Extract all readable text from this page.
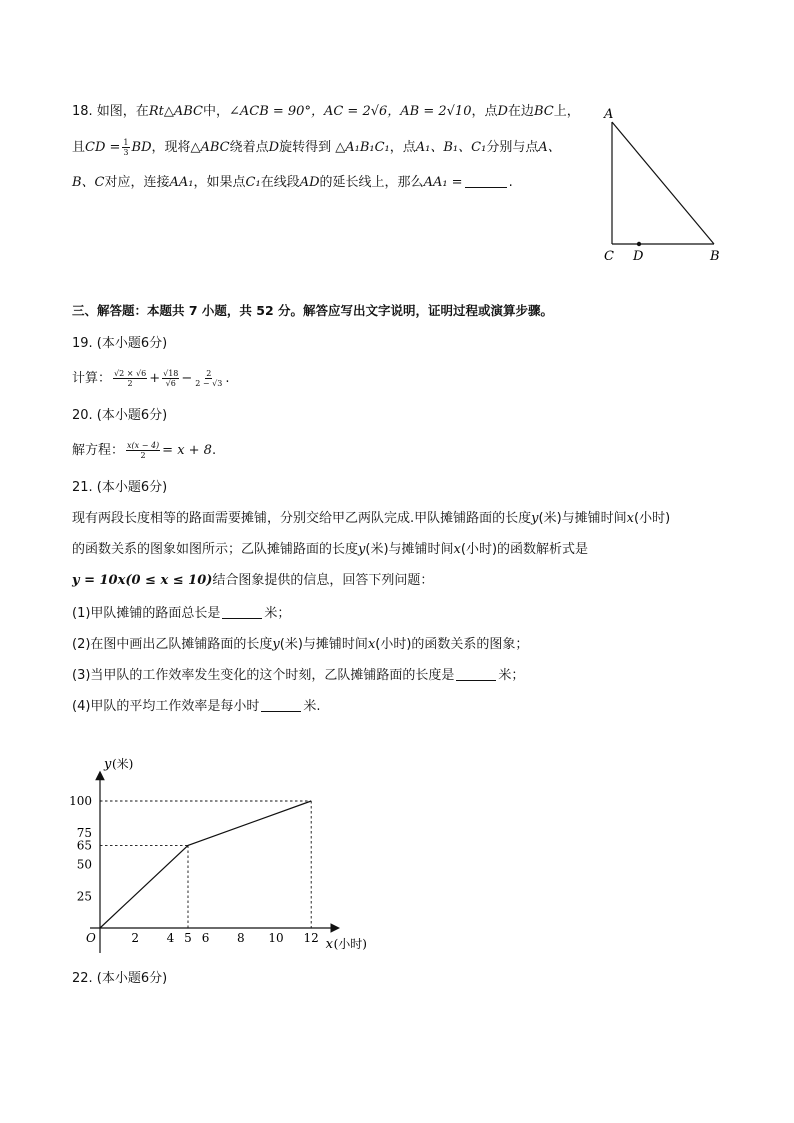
18. 如图，在Rt△ABC中，∠ACB = 90°，AC = 2√6，AB = 2√10，点D在边BC上，
且CD = $\frac{1}{3}$ BD，现将△ABC绕着点D旋转得到 △A₁B₁C₁，点A₁、B₁、C₁分别与点A、
B、C对应，连接AA₁，如果点C₁在线段AD的延长线上，那么AA₁ =	.
A
C D	B
三、解答题：本题共 7 小题，共 52 分。解答应写出文字说明，证明过程或演算步骤。
19. (本小题6分)
计算： $\frac{√2 \times √6}{2} + \frac{√18}{√6} - \frac{2}{2 - √3}$ .
20. (本小题6分)
解方程： $\frac{x(x - 4)}{2} = x + 8$.
21. (本小题6分)
现有两段长度相等的路面需要摊铺，分别交给甲乙两队完成.甲队摊铺路面的长度y(米)与摊铺时间x(小时)
的函数关系的图象如图所示；乙队摊铺路面的长度y(米)与摊铺时间x(小时)的函数解析式是
y = 10x(0 ≤ x ≤ 10)结合图象提供的信息，回答下列问题：
(1)甲队摊铺的路面总长是	米；
(2)在图中画出乙队摊铺路面的长度y(米)与摊铺时间x(小时)的函数关系的图象；
(3)当甲队的工作效率发生变化的这个时刻，乙队摊铺路面的长度是	米；
(4)甲队的平均工作效率是每小时	米.
2 4 5 6 8 10 12
25
50
65
75
100
O
y (米)
x (小时)
22. (本小题6分)
